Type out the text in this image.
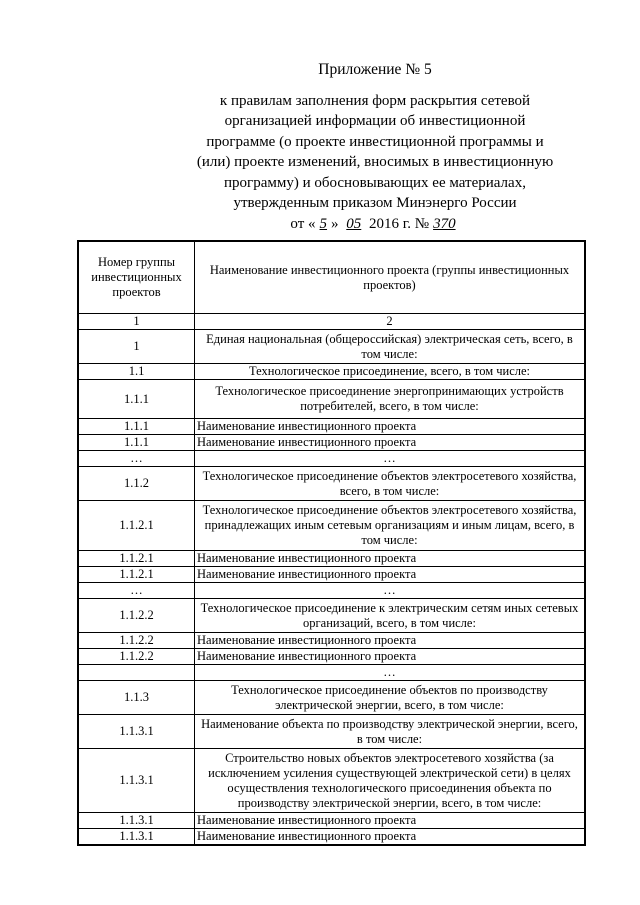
Приложение № 5
к правилам заполнения форм раскрытия сетевой
организацией информации об инвестиционной
программе (о проекте инвестиционной программы и
(или) проекте изменений, вносимых в инвестиционную
программу) и обосновывающих ее материалах,
утвержденным приказом Минэнерго России
от « 5 » 05 2016 г. № 370
Номер группы инвестиционных проектов	Наименование инвестиционного проекта (группы инвестиционных проектов)
1	2
1	Единая национальная (общероссийская) электрическая сеть, всего, в том числе:
1.1	Технологическое присоединение, всего, в том числе:
1.1.1	Технологическое присоединение энергопринимающих устройств потребителей, всего, в том числе:
1.1.1	Наименование инвестиционного проекта
1.1.1	Наименование инвестиционного проекта
…	…
1.1.2	Технологическое присоединение объектов электросетевого хозяйства, всего, в том числе:
1.1.2.1	Технологическое присоединение объектов электросетевого хозяйства, принадлежащих иным сетевым организациям и иным лицам, всего, в том числе:
1.1.2.1	Наименование инвестиционного проекта
1.1.2.1	Наименование инвестиционного проекта
…	…
1.1.2.2	Технологическое присоединение к электрическим сетям иных сетевых организаций, всего, в том числе:
1.1.2.2	Наименование инвестиционного проекта
1.1.2.2	Наименование инвестиционного проекта
	…
1.1.3	Технологическое присоединение объектов по производству электрической энергии, всего, в том числе:
1.1.3.1	Наименование объекта по производству электрической энергии, всего, в том числе:
1.1.3.1	Строительство новых объектов электросетевого хозяйства (за исключением усиления существующей электрической сети) в целях осуществления технологического присоединения объекта по производству электрической энергии, всего, в том числе:
1.1.3.1	Наименование инвестиционного проекта
1.1.3.1	Наименование инвестиционного проекта
